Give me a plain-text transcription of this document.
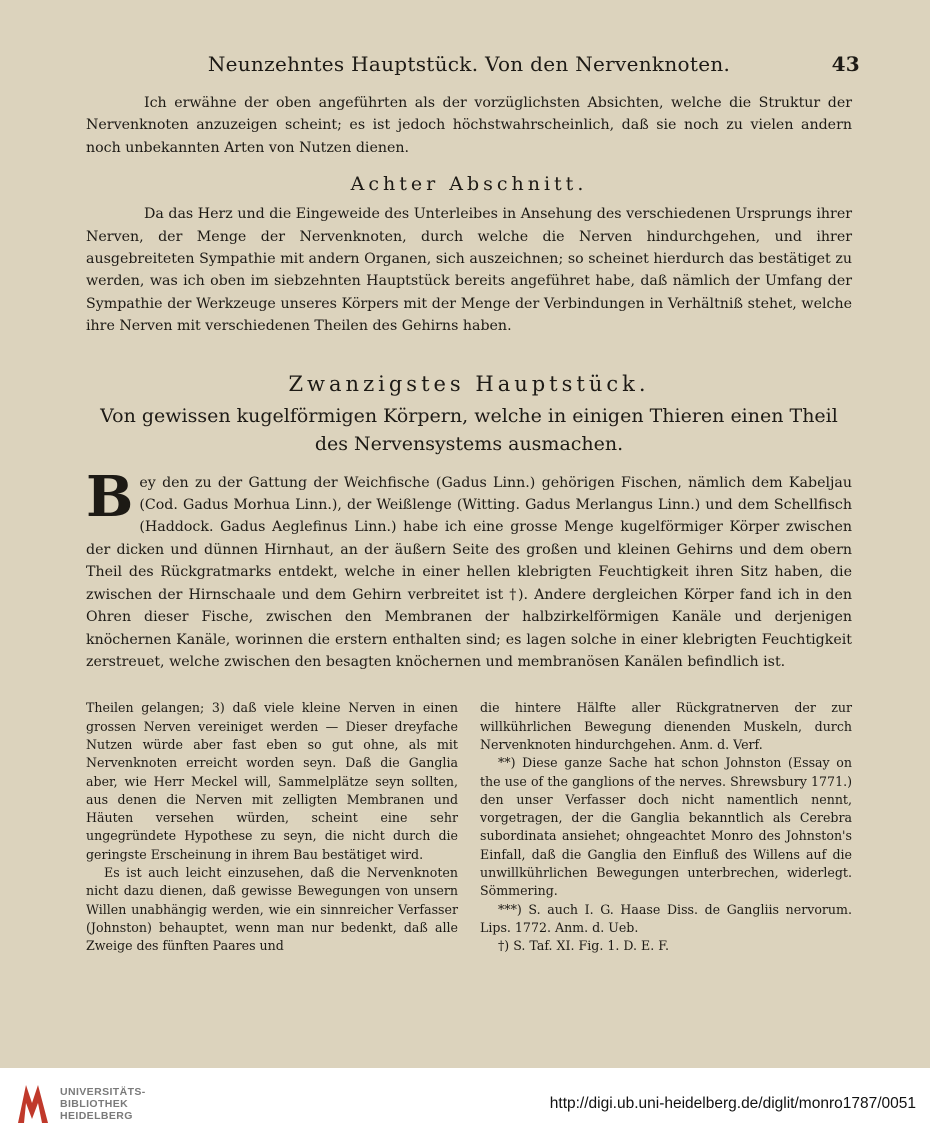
Neunzehntes Hauptstück. Von den Nervenknoten.	43

Ich erwähne der oben angeführten als der vorzüglichsten Absichten, welche die Struktur der Nervenknoten anzuzeigen scheint; es ist jedoch höchstwahrscheinlich, daß sie noch zu vielen andern noch unbekannten Arten von Nutzen dienen.

Achter Abschnitt.

Da das Herz und die Eingeweide des Unterleibes in Ansehung des verschiedenen Ursprungs ihrer Nerven, der Menge der Nervenknoten, durch welche die Nerven hindurchgehen, und ihrer ausgebreiteten Sympathie mit andern Organen, sich auszeichnen; so scheinet hierdurch das bestätiget zu werden, was ich oben im siebzehnten Hauptstück bereits angeführet habe, daß nämlich der Umfang der Sympathie der Werkzeuge unseres Körpers mit der Menge der Verbindungen in Verhältniß stehet, welche ihre Nerven mit verschiedenen Theilen des Gehirns haben.

Zwanzigstes Hauptstück.
Von gewissen kugelförmigen Körpern, welche in einigen Thieren einen Theil des Nervensystems ausmachen.
B ey den zu der Gattung der Weichfische (Gadus Linn.) gehörigen Fischen, nämlich dem Kabeljau (Cod. Gadus Morhua Linn.), der Weißlenge (Witting. Gadus Merlangus Linn.) und dem Schellfisch (Haddock. Gadus Aeglefinus Linn.) habe ich eine grosse Menge kugelförmiger Körper zwischen der dicken und dünnen Hirnhaut, an der äußern Seite des großen und kleinen Gehirns und dem obern Theil des Rückgratmarks entdekt, welche in einer hellen klebrigten Feuchtigkeit ihren Sitz haben, die zwischen der Hirnschaale und dem Gehirn verbreitet ist †). Andere dergleichen Körper fand ich in den Ohren dieser Fische, zwischen den Membranen der halbzirkelförmigen Kanäle und derjenigen knöchernen Kanäle, worinnen die erstern enthalten sind; es lagen solche in einer klebrigten Feuchtigkeit zerstreuet, welche zwischen den besagten knöchernen und membranösen Kanälen befindlich ist.

Theilen gelangen; 3) daß viele kleine Nerven in einen grossen Nerven vereiniget werden — Dieser dreyfache Nutzen würde aber fast eben so gut ohne, als mit Nervenknoten erreicht worden seyn. Daß die Ganglia aber, wie Herr Meckel will, Sammelplätze seyn sollten, aus denen die Nerven mit zelligten Membranen und Häuten versehen würden, scheint eine sehr ungegründete Hypothese zu seyn, die nicht durch die geringste Erscheinung in ihrem Bau bestätiget wird.

Es ist auch leicht einzusehen, daß die Nervenknoten nicht dazu dienen, daß gewisse Bewegungen von unsern Willen unabhängig werden, wie ein sinnreicher Verfasser (Johnston) behauptet, wenn man nur bedenkt, daß alle Zweige des fünften Paares und

die hintere Hälfte aller Rückgratnerven der zur willkührlichen Bewegung dienenden Muskeln, durch Nervenknoten hindurchgehen. Anm. d. Verf.

**) Diese ganze Sache hat schon Johnston (Essay on the use of the ganglions of the nerves. Shrewsbury 1771.) den unser Verfasser doch nicht namentlich nennt, vorgetragen, der die Ganglia bekanntlich als Cerebra subordinata ansiehet; ohngeachtet Monro des Johnston's Einfall, daß die Ganglia den Einfluß des Willens auf die unwillkührlichen Bewegungen unterbrechen, widerlegt. Sömmering.

***) S. auch I. G. Haase Diss. de Gangliis nervorum. Lips. 1772. Anm. d. Ueb.

†) S. Taf. XI. Fig. 1. D. E. F.

UNIVERSITÄTS-
BIBLIOTHEK
HEIDELBERG
http://digi.ub.uni-heidelberg.de/diglit/monro1787/0051
